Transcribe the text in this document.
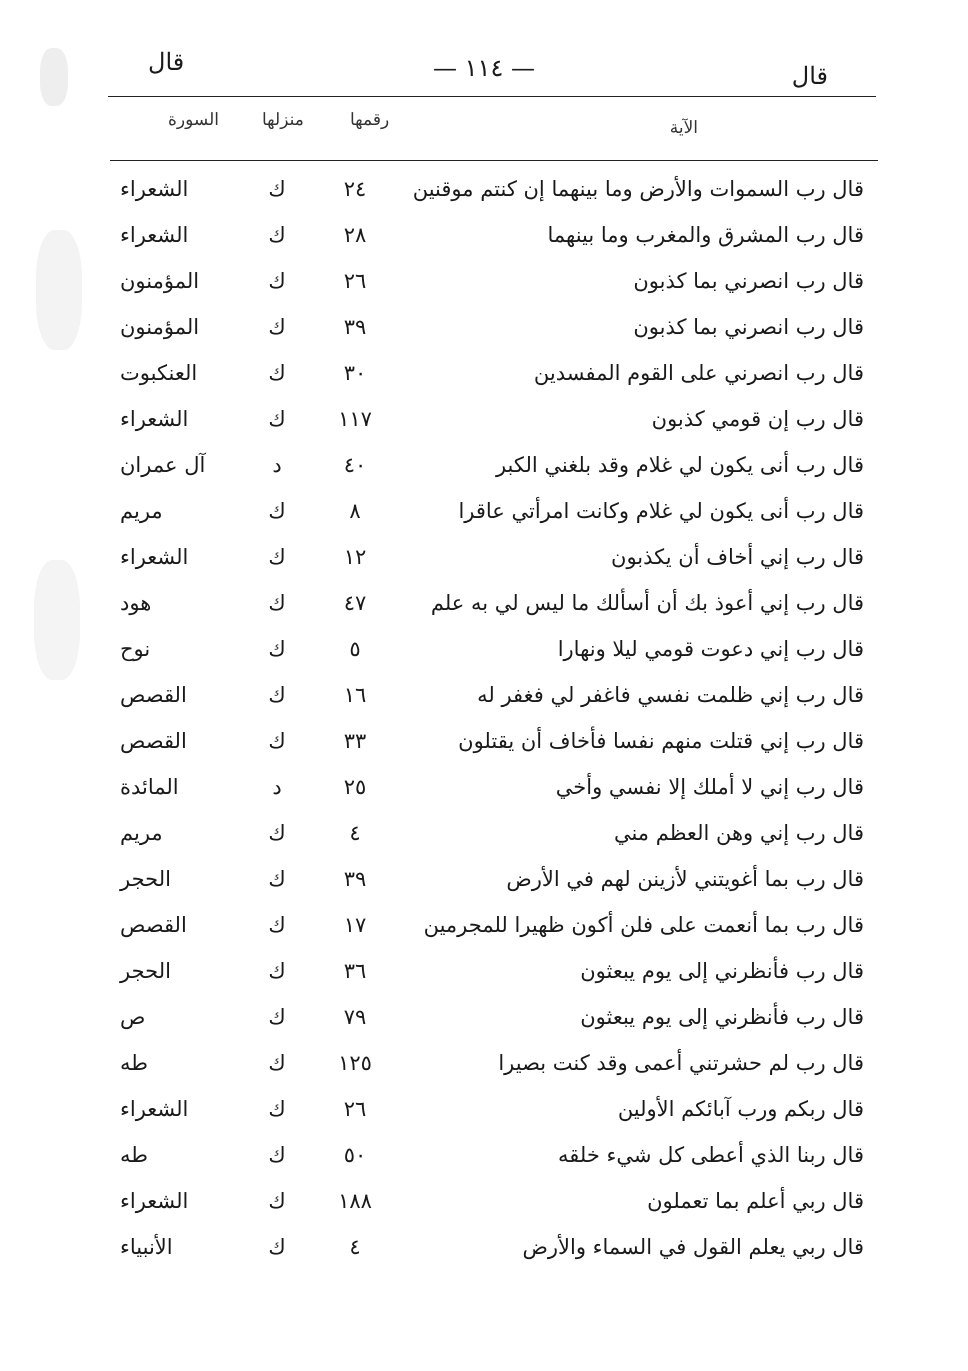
قال
— ١١٤ —
قال
الآية
رقمها
منزلها
السورة
قال رب السموات والأرض وما بينهما إن كنتم موقنين
٢٤
ك
الشعراء
قال رب المشرق والمغرب وما بينهما
٢٨
ك
الشعراء
قال رب انصرني بما كذبون
٢٦
ك
المؤمنون
قال رب انصرني بما كذبون
٣٩
ك
المؤمنون
قال رب انصرني على القوم المفسدين
٣٠
ك
العنكبوت
قال رب إن قومي كذبون
١١٧
ك
الشعراء
قال رب أنى يكون لي غلام وقد بلغني الكبر
٤٠
د
آل عمران
قال رب أنى يكون لي غلام وكانت امرأتي عاقرا
٨
ك
مريم
قال رب إني أخاف أن يكذبون
١٢
ك
الشعراء
قال رب إني أعوذ بك أن أسألك ما ليس لي به علم
٤٧
ك
هود
قال رب إني دعوت قومي ليلا ونهارا
٥
ك
نوح
قال رب إني ظلمت نفسي فاغفر لي فغفر له
١٦
ك
القصص
قال رب إني قتلت منهم نفسا فأخاف أن يقتلون
٣٣
ك
القصص
قال رب إني لا أملك إلا نفسي وأخي
٢٥
د
المائدة
قال رب إني وهن العظم مني
٤
ك
مريم
قال رب بما أغويتني لأزينن لهم في الأرض
٣٩
ك
الحجر
قال رب بما أنعمت على فلن أكون ظهيرا للمجرمين
١٧
ك
القصص
قال رب فأنظرني إلى يوم يبعثون
٣٦
ك
الحجر
قال رب فأنظرني إلى يوم يبعثون
٧٩
ك
ص
قال رب لم حشرتني أعمى وقد كنت بصيرا
١٢٥
ك
طه
قال ربكم ورب آبائكم الأولين
٢٦
ك
الشعراء
قال ربنا الذي أعطى كل شيء خلقه
٥٠
ك
طه
قال ربي أعلم بما تعملون
١٨٨
ك
الشعراء
قال ربي يعلم القول في السماء والأرض
٤
ك
الأنبياء
